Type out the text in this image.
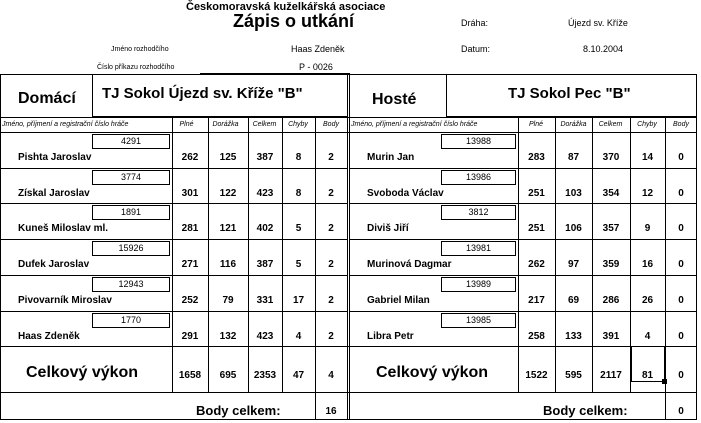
Českomoravská kuželkářská asociace
Zápis o utkání	Dráha:	Újezd sv. Kříže
Jméno rozhodčího	Haas Zdeněk	Datum:	8.10.2004
Číslo příkazu rozhodčího	P - 0026
Domácí TJ Sokol Újezd sv. Kříže "B"	Hosté	TJ Sokol Pec "B"
Jméno, příjmení a registrační číslo hráče	Plné	Dorážka	Celkem	Chyby	Body	Jméno, příjmení a registrační číslo hráče	Plné	Dorážka	Celkem	Chyby	Body
4291
Pishta Jaroslav	262	125	387	8	2
3774
Získal Jaroslav	301	122	423	8	2
1891
Kuneš Miloslav ml.	281	121	402	5	2
15926
Dufek Jaroslav	271	116	387	5	2
12943
Pivovarník Miroslav	252	79	331	17	2
1770
Haas Zdeněk	291	132	423	4	2
13988
Murin Jan	283	87	370	14	0
13986
Svoboda Václav	251	103	354	12	0
3812
Diviš Jiří	251	106	357	9	0
13981
Murinová Dagmar	262	97	359	16	0
13989
Gabriel Milan	217	69	286	26	0
13985
Libra Petr	258	133	391	4	0
Celkový výkon	1658	695	2353	47	4	Celkový výkon	1522	595	2117	81	0
Body celkem:	16	Body celkem:	0
